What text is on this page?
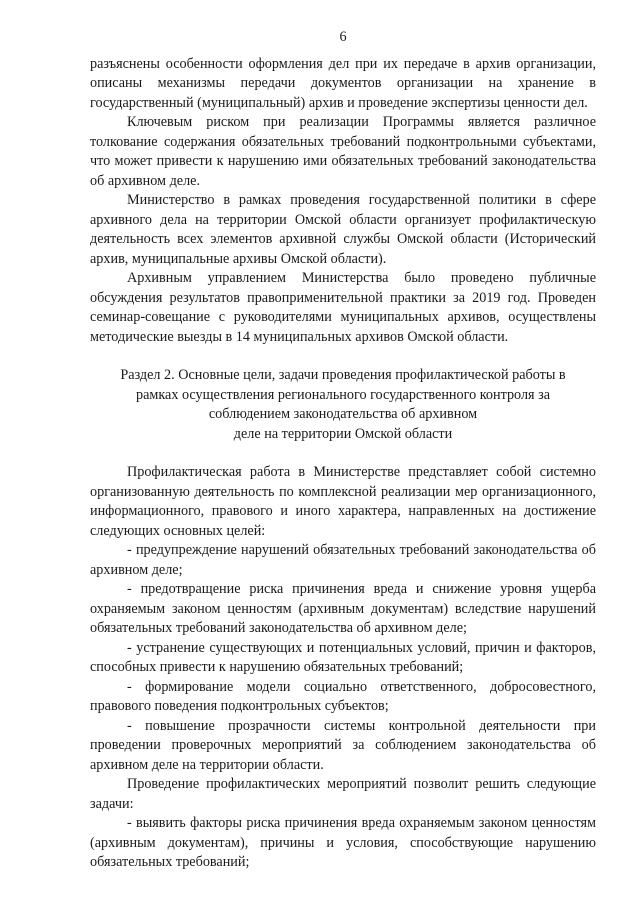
6

разъяснены особенности оформления дел при их передаче в архив организации, описаны механизмы передачи документов организации на хранение в государственный (муниципальный) архив и проведение экспертизы ценности дел.

Ключевым риском при реализации Программы является различное толкование содержания обязательных требований подконтрольными субъектами, что может привести к нарушению ими обязательных требований законодательства об архивном деле.

Министерство в рамках проведения государственной политики в сфере архивного дела на территории Омской области организует профилактическую деятельность всех элементов архивной службы Омской области (Исторический архив, муниципальные архивы Омской области).

Архивным управлением Министерства было проведено публичные обсуждения результатов правоприменительной практики за 2019 год. Проведен семинар-совещание с руководителями муниципальных архивов, осуществлены методические выезды в 14 муниципальных архивов Омской области.

Раздел 2. Основные цели, задачи проведения профилактической работы в
рамках осуществления регионального государственного контроля за
соблюдением законодательства об архивном
деле на территории Омской области

Профилактическая работа в Министерстве представляет собой системно организованную деятельность по комплексной реализации мер организационного, информационного, правового и иного характера, направленных на достижение следующих основных целей:

- предупреждение нарушений обязательных требований законодательства об архивном деле;

- предотвращение риска причинения вреда и снижение уровня ущерба охраняемым законом ценностям (архивным документам) вследствие нарушений обязательных требований законодательства об архивном деле;

- устранение существующих и потенциальных условий, причин и факторов, способных привести к нарушению обязательных требований;

- формирование модели социально ответственного, добросовестного, правового поведения подконтрольных субъектов;

- повышение прозрачности системы контрольной деятельности при проведении проверочных мероприятий за соблюдением законодательства об архивном деле на территории области.

Проведение профилактических мероприятий позволит решить следующие задачи:

- выявить факторы риска причинения вреда охраняемым законом ценностям (архивным документам), причины и условия, способствующие нарушению обязательных требований;
